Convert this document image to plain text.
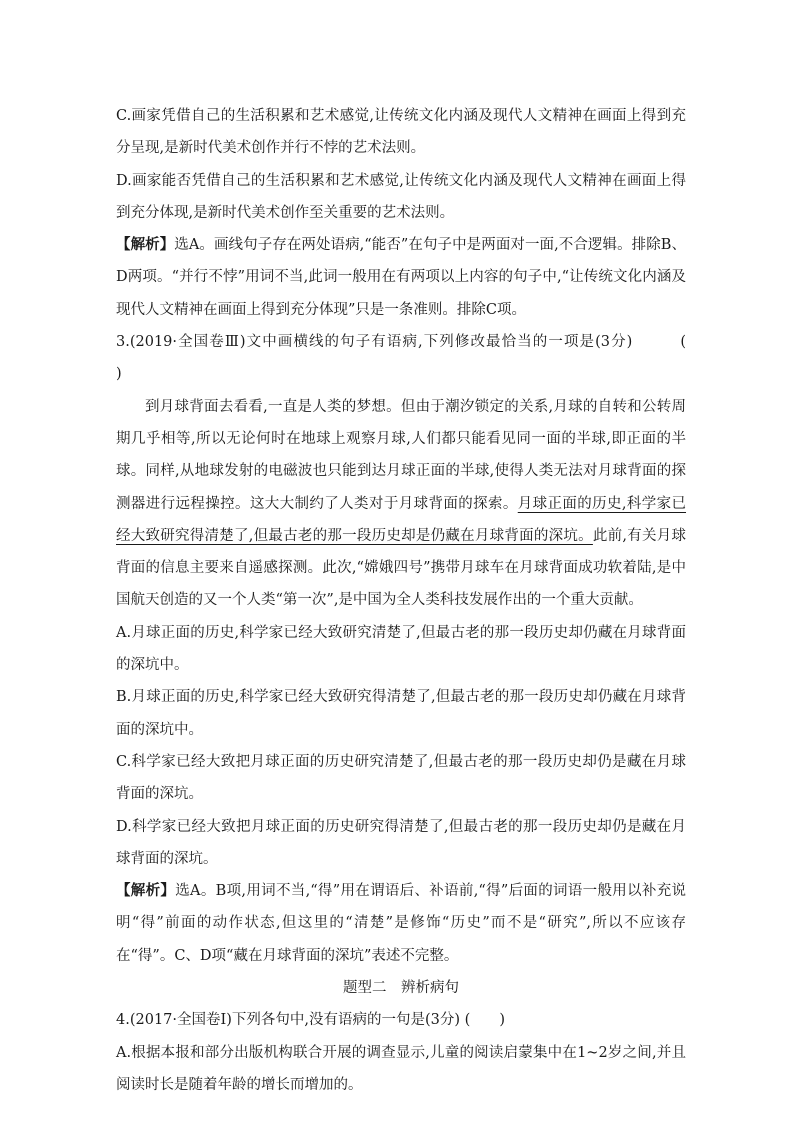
C.画家凭借自己的生活积累和艺术感觉,让传统文化内涵及现代人文精神在画面上得到充分呈现,是新时代美术创作并行不悖的艺术法则。

D.画家能否凭借自己的生活积累和艺术感觉,让传统文化内涵及现代人文精神在画面上得到充分体现,是新时代美术创作至关重要的艺术法则。

【解析】选A。画线句子存在两处语病,“能否”在句子中是两面对一面,不合逻辑。排除B、D两项。“并行不悖”用词不当,此词一般用在有两项以上内容的句子中,“让传统文化内涵及现代人文精神在画面上得到充分体现”只是一条准则。排除C项。

3.(2019·全国卷Ⅲ)文中画横线的句子有语病,下列修改最恰当的一项是(3分)	(　　)

到月球背面去看看,一直是人类的梦想。但由于潮汐锁定的关系,月球的自转和公转周期几乎相等,所以无论何时在地球上观察月球,人们都只能看见同一面的半球,即正面的半球。同样,从地球发射的电磁波也只能到达月球正面的半球,使得人类无法对月球背面的探测器进行远程操控。这大大制约了人类对于月球背面的探索。月球正面的历史,科学家已经大致研究得清楚了,但最古老的那一段历史却是仍藏在月球背面的深坑。此前,有关月球背面的信息主要来自遥感探测。此次,“嫦娥四号”携带月球车在月球背面成功软着陆,是中国航天创造的又一个人类“第一次”,是中国为全人类科技发展作出的一个重大贡献。

A.月球正面的历史,科学家已经大致研究清楚了,但最古老的那一段历史却仍藏在月球背面的深坑中。

B.月球正面的历史,科学家已经大致研究得清楚了,但最古老的那一段历史却仍藏在月球背面的深坑中。

C.科学家已经大致把月球正面的历史研究清楚了,但最古老的那一段历史却仍是藏在月球背面的深坑。

D.科学家已经大致把月球正面的历史研究得清楚了,但最古老的那一段历史却仍是藏在月球背面的深坑。

【解析】选A。B项,用词不当,“得”用在谓语后、补语前,“得”后面的词语一般用以补充说明“得”前面的动作状态,但这里的“清楚”是修饰“历史”而不是“研究”,所以不应该存在“得”。C、D项“藏在月球背面的深坑”表述不完整。

题型二　辨析病句

4.(2017·全国卷Ⅰ)下列各句中,没有语病的一句是(3分) (　　)

A.根据本报和部分出版机构联合开展的调查显示,儿童的阅读启蒙集中在1~2岁之间,并且阅读时长是随着年龄的增长而增加的。
